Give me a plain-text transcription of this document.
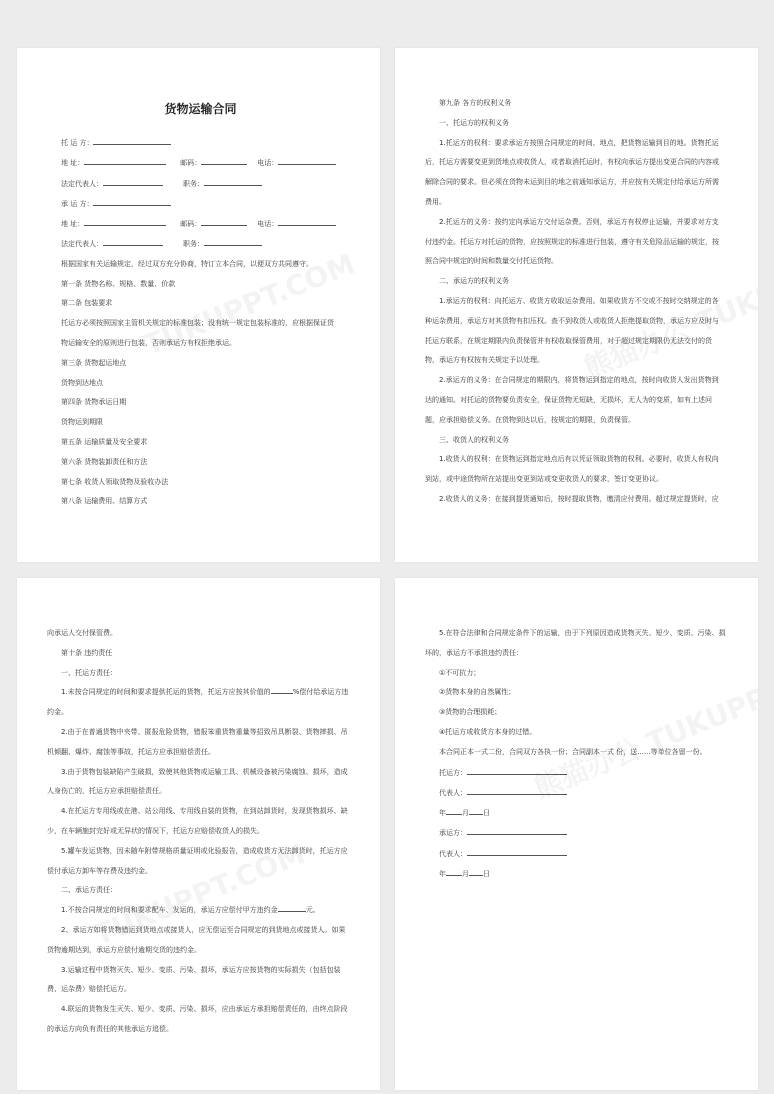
货物运输合同
托 运 方：
地 址：	邮码：	电话：
法定代表人：	职务：
承 运 方：
地 址：	邮码：	电话：
法定代表人：	职务：
根据国家有关运输规定，经过双方充分协商，特订立本合同，以便双方共同遵守。
第一条 货物名称、规格、数量、价款
第二条 包装要求
托运方必须按照国家主管机关规定的标准包装；没有统一规定包装标准的，应根据保证货物运输安全的原则进行包装，否则承运方有权拒绝承运。
第三条 货物起运地点
货物到达地点
第四条 货物承运日期
货物运到期限
第五条 运输质量及安全要求
第六条 货物装卸责任和方法
第七条 收货人领取货物及验收办法
第八条 运输费用、结算方式
第九条 各方的权利义务
一、托运方的权利义务
1.托运方的权利：要求承运方按照合同规定的时间、地点，把货物运输到目的地。货物托运后，托运方需要变更到货地点或收货人，或者取消托运时，有权向承运方提出变更合同的内容或解除合同的要求。但必须在货物未运到目的地之前通知承运方，并应按有关规定付给承运方所需费用。
2.托运方的义务：按约定向承运方交付运杂费。否则，承运方有权停止运输，并要求对方支付违约金。托运方对托运的货物，应按照规定的标准进行包装，遵守有关危险品运输的规定，按照合同中规定的时间和数量交付托运货物。
二、承运方的权利义务
1.承运方的权利：向托运方、收货方收取运杂费用。如果收货方不交或不按时交纳规定的各种运杂费用，承运方对其货物有扣压权。查不到收货人或收货人拒绝提取货物，承运方应及时与托运方联系，在规定期限内负责保管并有权收取保管费用，对于超过规定期限仍无法交付的货物，承运方有权按有关规定予以处理。
2.承运方的义务：在合同规定的期限内，将货物运到指定的地点，按时向收货人发出货物到达的通知。对托运的货物要负责安全，保证货物无短缺，无损坏，无人为的变质，如有上述问题，应承担赔偿义务。在货物到达以后，按规定的期限，负责保管。
三、收货人的权利义务
1.收货人的权利：在货物运到指定地点后有以凭证领取货物的权利。必要时，收货人有权向到站，或中途货物所在站提出变更到站或变更收货人的要求，签订变更协议。
2.收货人的义务：在接到提货通知后，按时提取货物，缴清应付费用。超过规定提货时，应
向承运人交付保管费。
第十条 违约责任
一、托运方责任：
1.未按合同规定的时间和要求提供托运的货物，托运方应按其价值的	%偿付给承运方违约金。
2.由于在普通货物中夹带、匿报危险货物，错报笨重货物重量等招致吊具断裂、货物摔损、吊机倾翻、爆炸、腐蚀等事故，托运方应承担赔偿责任。
3.由于货物包装缺陷产生破损，致使其他货物或运输工具、机械设备被污染腐蚀、损坏，造成人身伤亡的，托运方应承担赔偿责任。
4.在托运方专用线或在港、站公用线、专用线自装的货物，在到站卸货时，发现货物损坏、缺少，在车辆施封完好或无异状的情况下，托运方应赔偿收货人的损失。
5.罐车发运货物，因未随车附带规格质量证明或化验报告，造成收货方无法卸货时，托运方应偿付承运方卸车等存费及违约金。
二、承运方责任：
1.不按合同规定的时间和要求配车、发运的，承运方应偿付甲方违约金	元。
2、承运方如将货物错运到货地点或接货人，应无偿运至合同规定的到货地点或接货人。如果货物逾期达到，承运方应偿付逾期交货的违约金。
3.运输过程中货物灭失、短少、变质、污染、损坏，承运方应按货物的实际损失（包括包装费、运杂费）赔偿托运方。
4.联运的货物发生灭失、短少、变质、污染、损坏，应由承运方承担赔偿责任的，由终点阶段的承运方向负有责任的其他承运方追偿。
5.在符合法律和合同规定条件下的运输，由于下列原因造成货物灭失、短少、变质、污染、损坏的，承运方不承担违约责任：
①不可抗力；
②货物本身的自然属性；
③货物的合理损耗；
④托运方或收货方本身的过错。
本合同正本一式二份，合同双方各执一份；合同副本一式 份，送......等单位各留一份。
托运方：
代表人：
年 月 日
承运方：
代表人：
年 月 日
